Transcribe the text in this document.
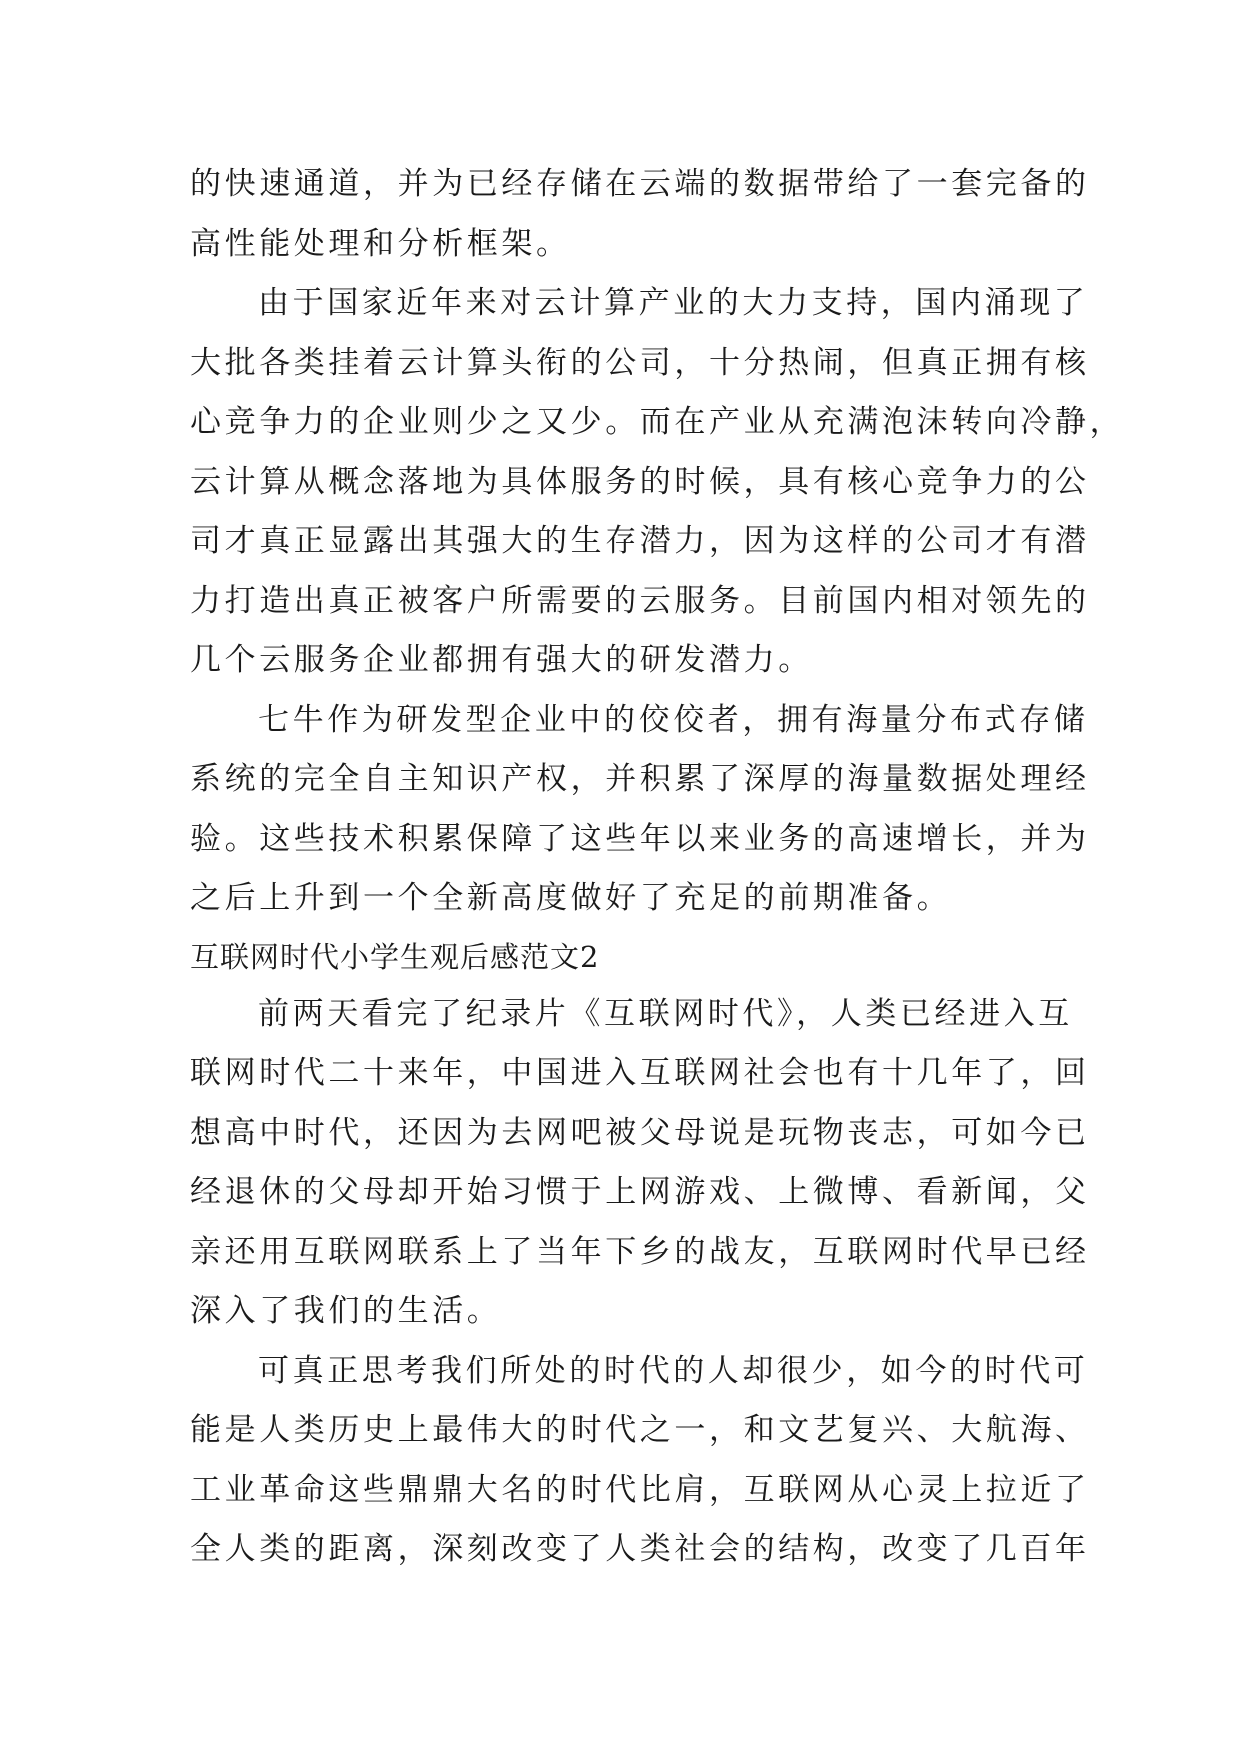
的快速通道，并为已经存储在云端的数据带给了一套完备的
高性能处理和分析框架。
由于国家近年来对云计算产业的大力支持，国内涌现了
大批各类挂着云计算头衔的公司，十分热闹，但真正拥有核
心竞争力的企业则少之又少。而在产业从充满泡沫转向冷静，
云计算从概念落地为具体服务的时候，具有核心竞争力的公
司才真正显露出其强大的生存潜力，因为这样的公司才有潜
力打造出真正被客户所需要的云服务。目前国内相对领先的
几个云服务企业都拥有强大的研发潜力。
七牛作为研发型企业中的佼佼者，拥有海量分布式存储
系统的完全自主知识产权，并积累了深厚的海量数据处理经
验。这些技术积累保障了这些年以来业务的高速增长，并为
之后上升到一个全新高度做好了充足的前期准备。
互联网时代小学生观后感范文2
前两天看完了纪录片《互联网时代》，人类已经进入互
联网时代二十来年，中国进入互联网社会也有十几年了，回
想高中时代，还因为去网吧被父母说是玩物丧志，可如今已
经退休的父母却开始习惯于上网游戏、上微博、看新闻，父
亲还用互联网联系上了当年下乡的战友，互联网时代早已经
深入了我们的生活。
可真正思考我们所处的时代的人却很少，如今的时代可
能是人类历史上最伟大的时代之一，和文艺复兴、大航海、
工业革命这些鼎鼎大名的时代比肩，互联网从心灵上拉近了
全人类的距离，深刻改变了人类社会的结构，改变了几百年
